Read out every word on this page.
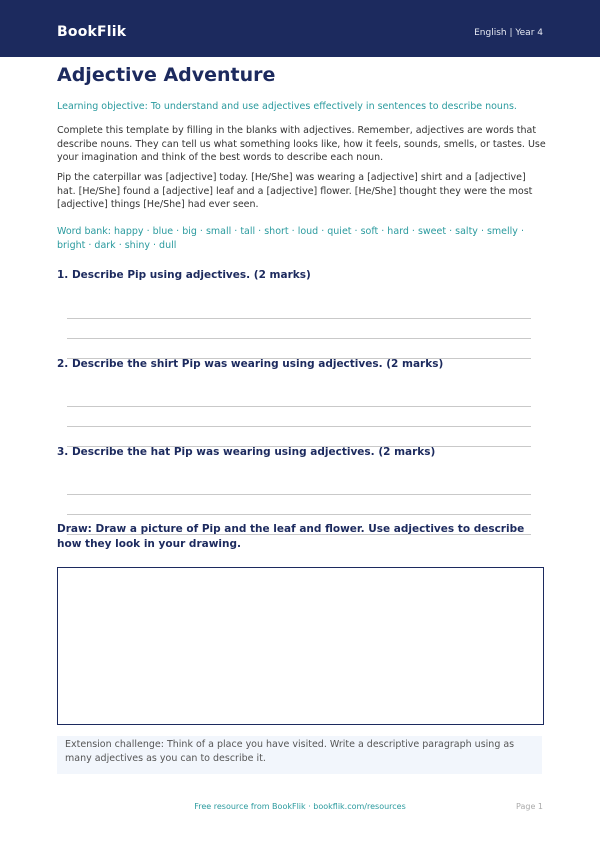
BookFlik	English | Year 4
Adjective Adventure
Learning objective: To understand and use adjectives effectively in sentences to describe nouns.
Complete this template by filling in the blanks with adjectives. Remember, adjectives are words that describe nouns. They can tell us what something looks like, how it feels, sounds, smells, or tastes. Use your imagination and think of the best words to describe each noun.
Pip the caterpillar was [adjective] today. [He/She] was wearing a [adjective] shirt and a [adjective] hat. [He/She] found a [adjective] leaf and a [adjective] flower. [He/She] thought they were the most [adjective] things [He/She] had ever seen.
Word bank: happy · blue · big · small · tall · short · loud · quiet · soft · hard · sweet · salty · smelly · bright · dark · shiny · dull
1. Describe Pip using adjectives. (2 marks)
2. Describe the shirt Pip was wearing using adjectives. (2 marks)
3. Describe the hat Pip was wearing using adjectives. (2 marks)
Draw: Draw a picture of Pip and the leaf and flower. Use adjectives to describe how they look in your drawing.
Extension challenge: Think of a place you have visited. Write a descriptive paragraph using as many adjectives as you can to describe it.
Free resource from BookFlik · bookflik.com/resources	Page 1
